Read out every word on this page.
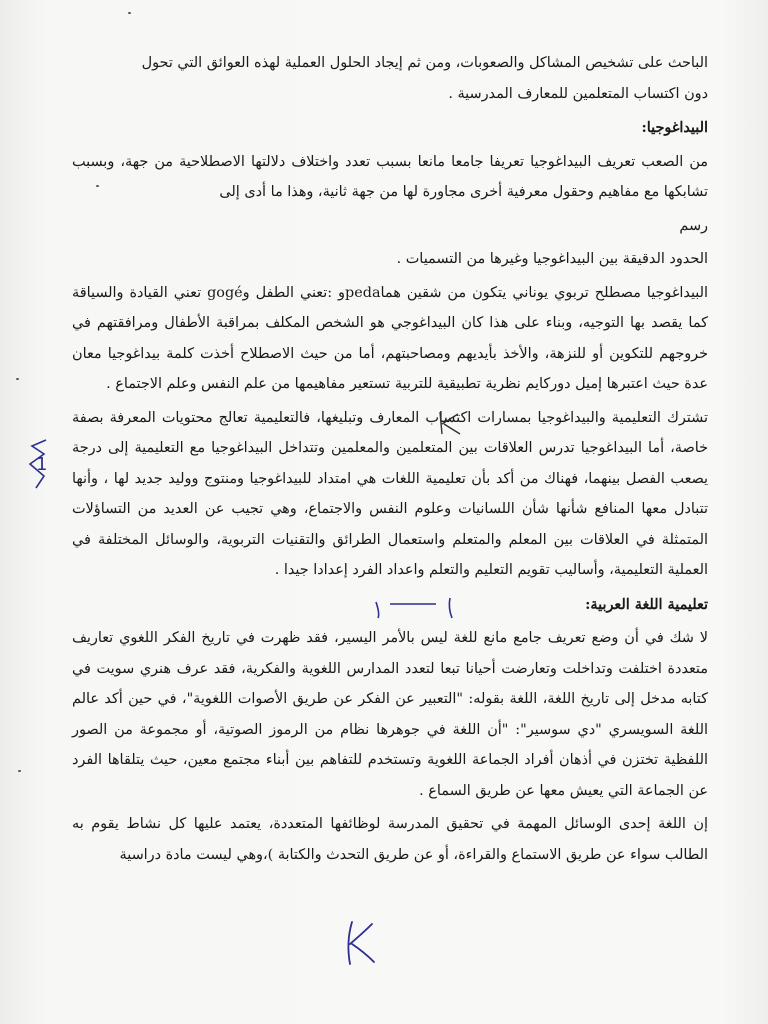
الباحث على تشخيص المشاكل والصعوبات، ومن ثم إيجاد الحلول العملية لهذه العوائق التي تحول
دون اكتساب المتعلمين للمعارف المدرسية .

البيداغوجيا:

من الصعب تعريف البيداغوجيا تعريفا جامعا مانعا بسبب تعدد واختلاف دلالتها الاصطلاحية من جهة، وبسبب تشابكها مع مفاهيم وحقول معرفية أخرى مجاورة لها من جهة ثانية، وهذا ما أدى إلى

رسم

الحدود الدقيقة بين البيداغوجيا وغيرها من التسميات .

البيداغوجيا مصطلح تربوي يوناني يتكون من شقين هماpedaو :تعني الطفل وgogé تعني القيادة والسياقة كما يقصد بها التوجيه، وبناء على هذا كان البيداغوجي هو الشخص المكلف بمراقبة الأطفال ومرافقتهم في خروجهم للتكوين أو للنزهة، والأخذ بأيديهم ومصاحبتهم، أما من حيث الاصطلاح أخذت كلمة بيداغوجيا معان عدة حيث اعتبرها إميل دوركايم نظرية تطبيقية للتربية تستعير مفاهيمها من علم النفس وعلم الاجتماع .

تشترك التعليمية والبيداغوجيا بمسارات اكتساب المعارف وتبليغها، فالتعليمية تعالج محتويات المعرفة بصفة خاصة، أما البيداغوجيا تدرس العلاقات بين المتعلمين والمعلمين وتتداخل البيداغوجيا مع التعليمية إلى درجة يصعب الفصل بينهما، فهناك من أكد بأن تعليمية اللغات هي امتداد للبيداغوجيا ومنتوج ووليد جديد لها ، وأنها تتبادل معها المنافع شأنها شأن اللسانيات وعلوم النفس والاجتماع، وهي تجيب عن العديد من التساؤلات المتمثلة في العلاقات بين المعلم والمتعلم واستعمال الطرائق والتقنيات التربوية، والوسائل المختلفة في العملية التعليمية، وأساليب تقويم التعليم والتعلم واعداد الفرد إعدادا جيدا .

تعليمية اللغة العربية:

لا شك في أن وضع تعريف جامع مانع للغة ليس بالأمر اليسير، فقد ظهرت في تاريخ الفكر اللغوي تعاريف متعددة اختلفت وتداخلت وتعارضت أحيانا تبعا لتعدد المدارس اللغوية والفكرية، فقد عرف هنري سويت في كتابه مدخل إلى تاريخ اللغة، اللغة بقوله: "التعبير عن الفكر عن طريق الأصوات اللغوية"، في حين أكد عالم اللغة السويسري "دي سوسير": "أن اللغة في جوهرها نظام من الرموز الصوتية، أو مجموعة من الصور اللفظية تختزن في أذهان أفراد الجماعة اللغوية وتستخدم للتفاهم بين أبناء مجتمع معين، حيث يتلقاها الفرد عن الجماعة التي يعيش معها عن طريق السماع .

إن اللغة إحدى الوسائل المهمة في تحقيق المدرسة لوظائفها المتعددة، يعتمد عليها كل نشاط يقوم به الطالب سواء عن طريق الاستماع والقراءة، أو عن طريق التحدث والكتابة )،وهي ليست مادة دراسية

1
